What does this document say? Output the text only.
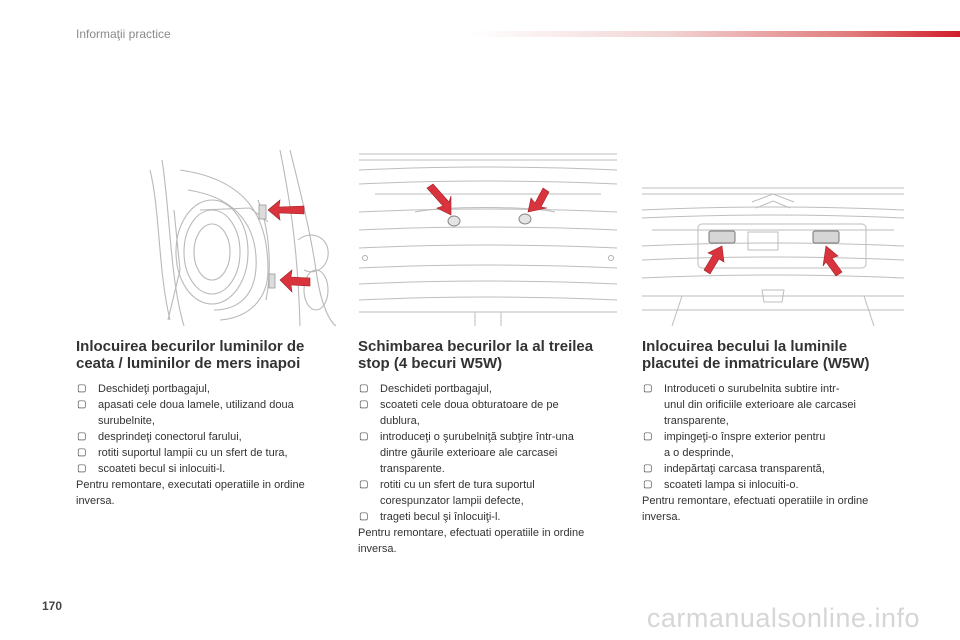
Informaţii practice
Inlocuirea becurilor luminilor de
ceata / luminilor de mers inapoi
▢ Deschideţi portbagajul,
▢ apasati cele doua lamele, utilizand doua
surubelnite,
▢ desprindeţi conectorul farului,
▢ rotiti suportul lampii cu un sfert de tura,
▢ scoateti becul si inlocuiti-l.

Pentru remontare, executati operatiile in ordine
inversa.

Schimbarea becurilor la al treilea
stop (4 becuri W5W)
▢ Deschideti portbagajul,
▢ scoateti cele doua obturatoare de pe
dublura,
▢ introduceţi o şurubelniţă subţire într-una
dintre găurile exterioare ale carcasei
transparente.
▢ rotiti cu un sfert de tura suportul
corespunzator lampii defecte,
▢ trageti becul şi înlocuiţi-l.

Pentru remontare, efectuati operatiile in ordine
inversa.

Inlocuirea becului la luminile
placutei de inmatriculare (W5W)
▢ Introduceti o surubelnita subtire intr-
unul din orificiile exterioare ale carcasei
transparente,
▢ impingeţi-o înspre exterior pentru
a o desprinde,
▢ indepărtaţi carcasa transparentă,
▢ scoateti lampa si inlocuiti-o.

Pentru remontare, efectuati operatiile in ordine
inversa.

170	carmanualsonline.info
